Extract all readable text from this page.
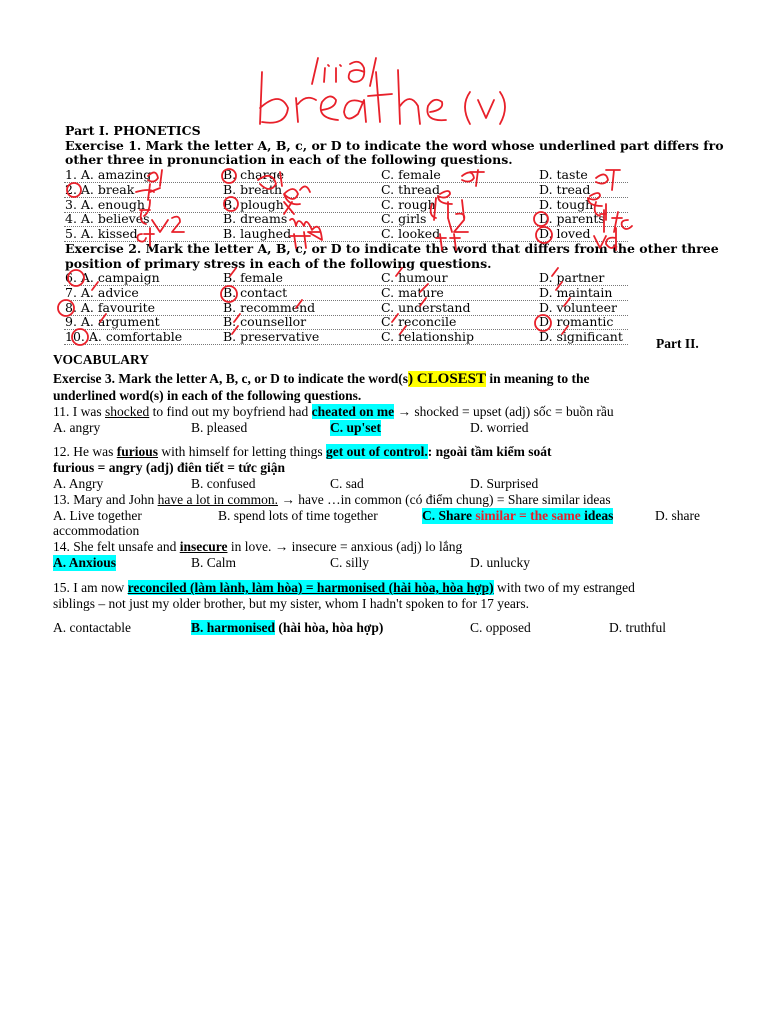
Part I. PHONETICS
Exercise 1. Mark the letter A, B, c, or D to indicate the word whose underlined part differs fro
other three in pronunciation in each of the following questions.
1. A. amazing	B. charge	C. female	D. taste
2. A. break	B. breath	C. thread	D. tread
3. A. enough	B. plough	C. rough	D. tough
4. A. believes	B. dreams	C. girls	D. parents
5. A. kissed	B. laughed	C. looked	D. loved
Exercise 2. Mark the letter A, B, c, or D to indicate the word that differs from the other three
position of primary stress in each of the following questions.
6. A. campaign	B. female	C. humour	D. partner
7. A. advice	B. contact	C. mature	D. maintain
8. A. favourite	B. recommend	C. understand	D. volunteer
9. A. argument	B. counsellor	C. reconcile	D. romantic
10. A. comfortable	B. preservative	C. relationship	D. significant Part II.
VOCABULARY
Exercise 3. Mark the letter A, B, c, or D to indicate the word(s) CLOSEST in meaning to the
underlined word(s) in each of the following questions.
11. I was shocked to find out my boyfriend had cheated on me → shocked = upset (adj) sốc = buồn rầu
A. angry	B. pleased	C. up'set	D. worried
12. He was furious with himself for letting things get out of control.: ngoài tầm kiểm soát
furious = angry (adj) điên tiết = tức giận
A. Angry	B. confused	C. sad	D. Surprised
13. Mary and John have a lot in common. → have …in common (có điểm chung) = Share similar ideas
A. Live together	B. spend lots of time together	C. Share similar = the same ideas	D. share
accommodation
14. She felt unsafe and insecure in love. → insecure = anxious (adj) lo lắng
A. Anxious	B. Calm	C. silly	D. unlucky
15. I am now reconciled (làm lành, làm hòa) = harmonised (hài hòa, hòa hợp) with two of my estranged
siblings – not just my older brother, but my sister, whom I hadn't spoken to for 17 years.
A. contactable	B. harmonised (hài hòa, hòa hợp)	C. opposed	D. truthful
